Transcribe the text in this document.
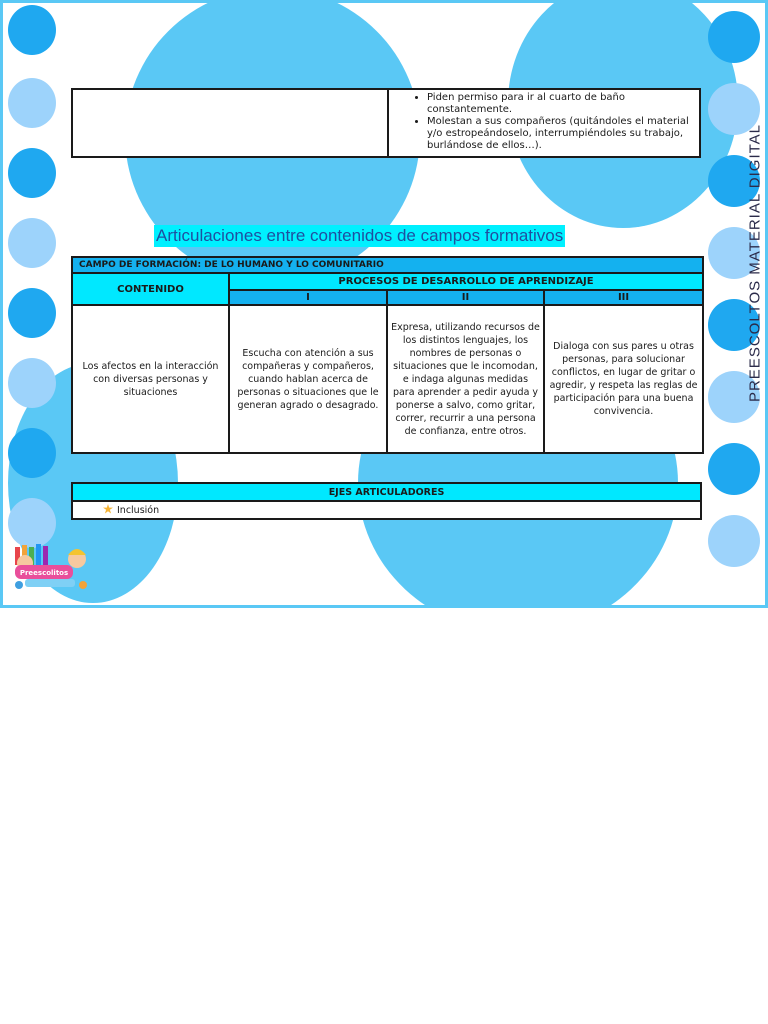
• Piden permiso para ir al cuarto de baño constantemente.
• Molestan a sus compañeros (quitándoles el material y/o estropeándoselo, interrumpiéndoles su trabajo, burlándose de ellos…).
Articulaciones entre contenidos de campos formativos
CAMPO DE FORMACIÓN: DE LO HUMANO Y LO COMUNITARIO			
CONTENIDO	PROCESOS DE DESARROLLO DE APRENDIZAJE		
	I	II	III
Los afectos en la interacción con diversas personas y situaciones	Escucha con atención a sus compañeras y compañeros, cuando hablan acerca de personas o situaciones que le generan agrado o desagrado.	Expresa, utilizando recursos de los distintos lenguajes, los nombres de personas o situaciones que le incomodan, e indaga algunas medidas para aprender a pedir ayuda y ponerse a salvo, como gritar, correr, recurrir a una persona de confianza, entre otros.	Dialoga con sus pares u otras personas, para solucionar conflictos, en lugar de gritar o agredir, y respeta las reglas de participación para una buena convivencia.
EJES ARTICULADORES
Inclusión
Preescolitos
PREESCOLTOS MATERIAL DIGITAL
